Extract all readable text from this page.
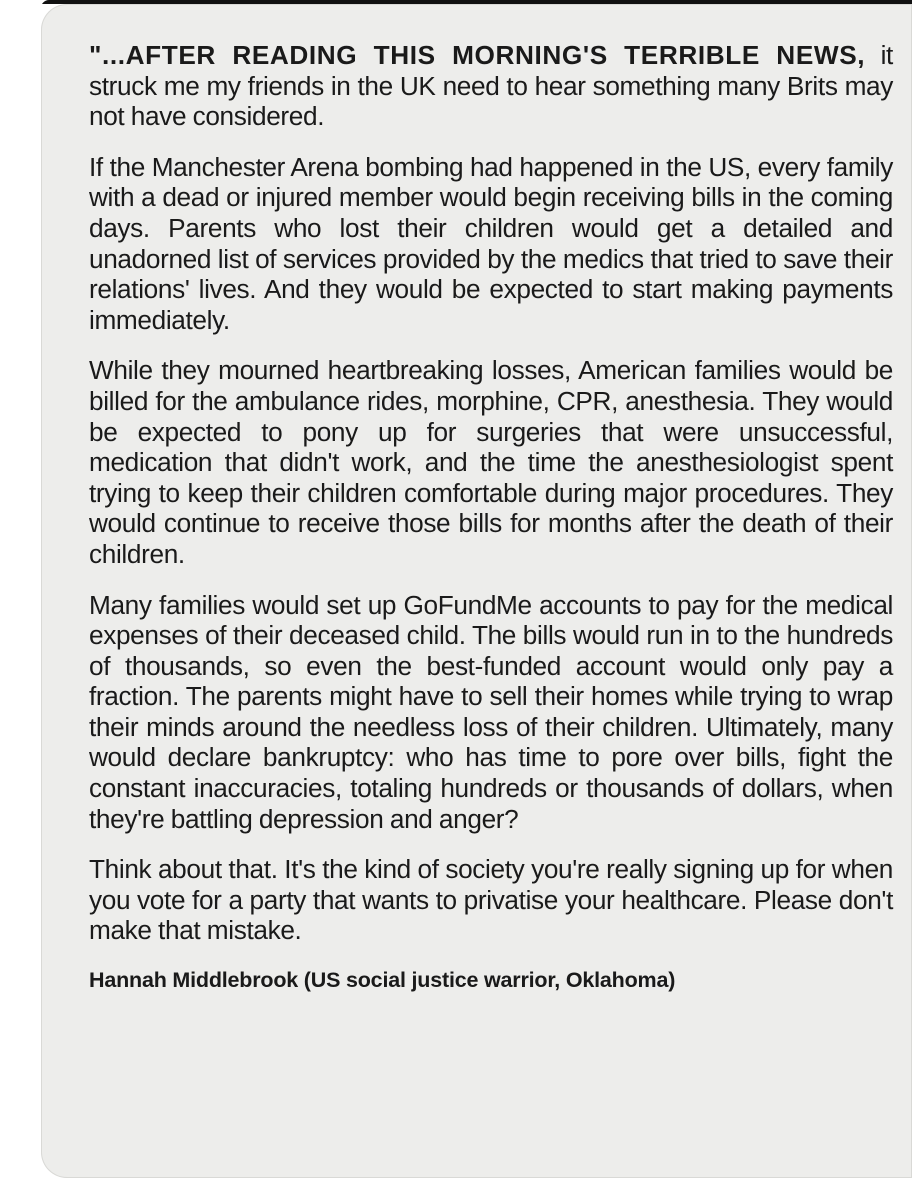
"...AFTER READING THIS MORNING'S TERRIBLE NEWS, it struck me my friends in the UK need to hear something many Brits may not have considered.

If the Manchester Arena bombing had happened in the US, every family with a dead or injured member would begin receiving bills in the coming days. Parents who lost their children would get a detailed and unadorned list of services provided by the medics that tried to save their relations' lives. And they would be expected to start making payments immediately.

While they mourned heartbreaking losses, American families would be billed for the ambulance rides, morphine, CPR, anesthesia. They would be expected to pony up for surgeries that were unsuccessful, medication that didn't work, and the time the anesthesiologist spent trying to keep their children comfortable during major procedures. They would continue to receive those bills for months after the death of their children.

Many families would set up GoFundMe accounts to pay for the medical expenses of their deceased child. The bills would run in to the hundreds of thousands, so even the best-funded account would only pay a fraction. The parents might have to sell their homes while trying to wrap their minds around the needless loss of their children. Ultimately, many would declare bankruptcy: who has time to pore over bills, fight the constant inaccuracies, totaling hundreds or thousands of dollars, when they're battling depression and anger?

Think about that. It's the kind of society you're really signing up for when you vote for a party that wants to privatise your healthcare. Please don't make that mistake.

Hannah Middlebrook (US social justice warrior, Oklahoma)
